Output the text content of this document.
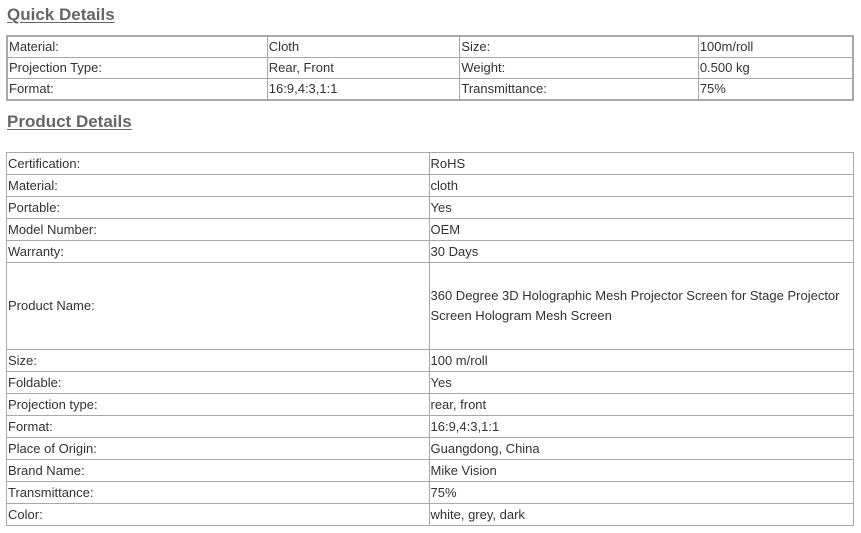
Quick Details
Material:	Cloth	Size:	100m/roll
Projection Type:	Rear, Front	Weight:	0.500 kg
Format:	16:9,4:3,1:1	Transmittance:	75%
Product Details
Certification:	RoHS
Material:	cloth
Portable:	Yes
Model Number:	OEM
Warranty:	30 Days
Product Name:	360 Degree 3D Holographic Mesh Projector Screen for Stage Projector Screen Hologram Mesh Screen
Size:	100 m/roll
Foldable:	Yes
Projection type:	rear, front
Format:	16:9,4:3,1:1
Place of Origin:	Guangdong, China
Brand Name:	Mike Vision
Transmittance:	75%
Color:	white, grey, dark
